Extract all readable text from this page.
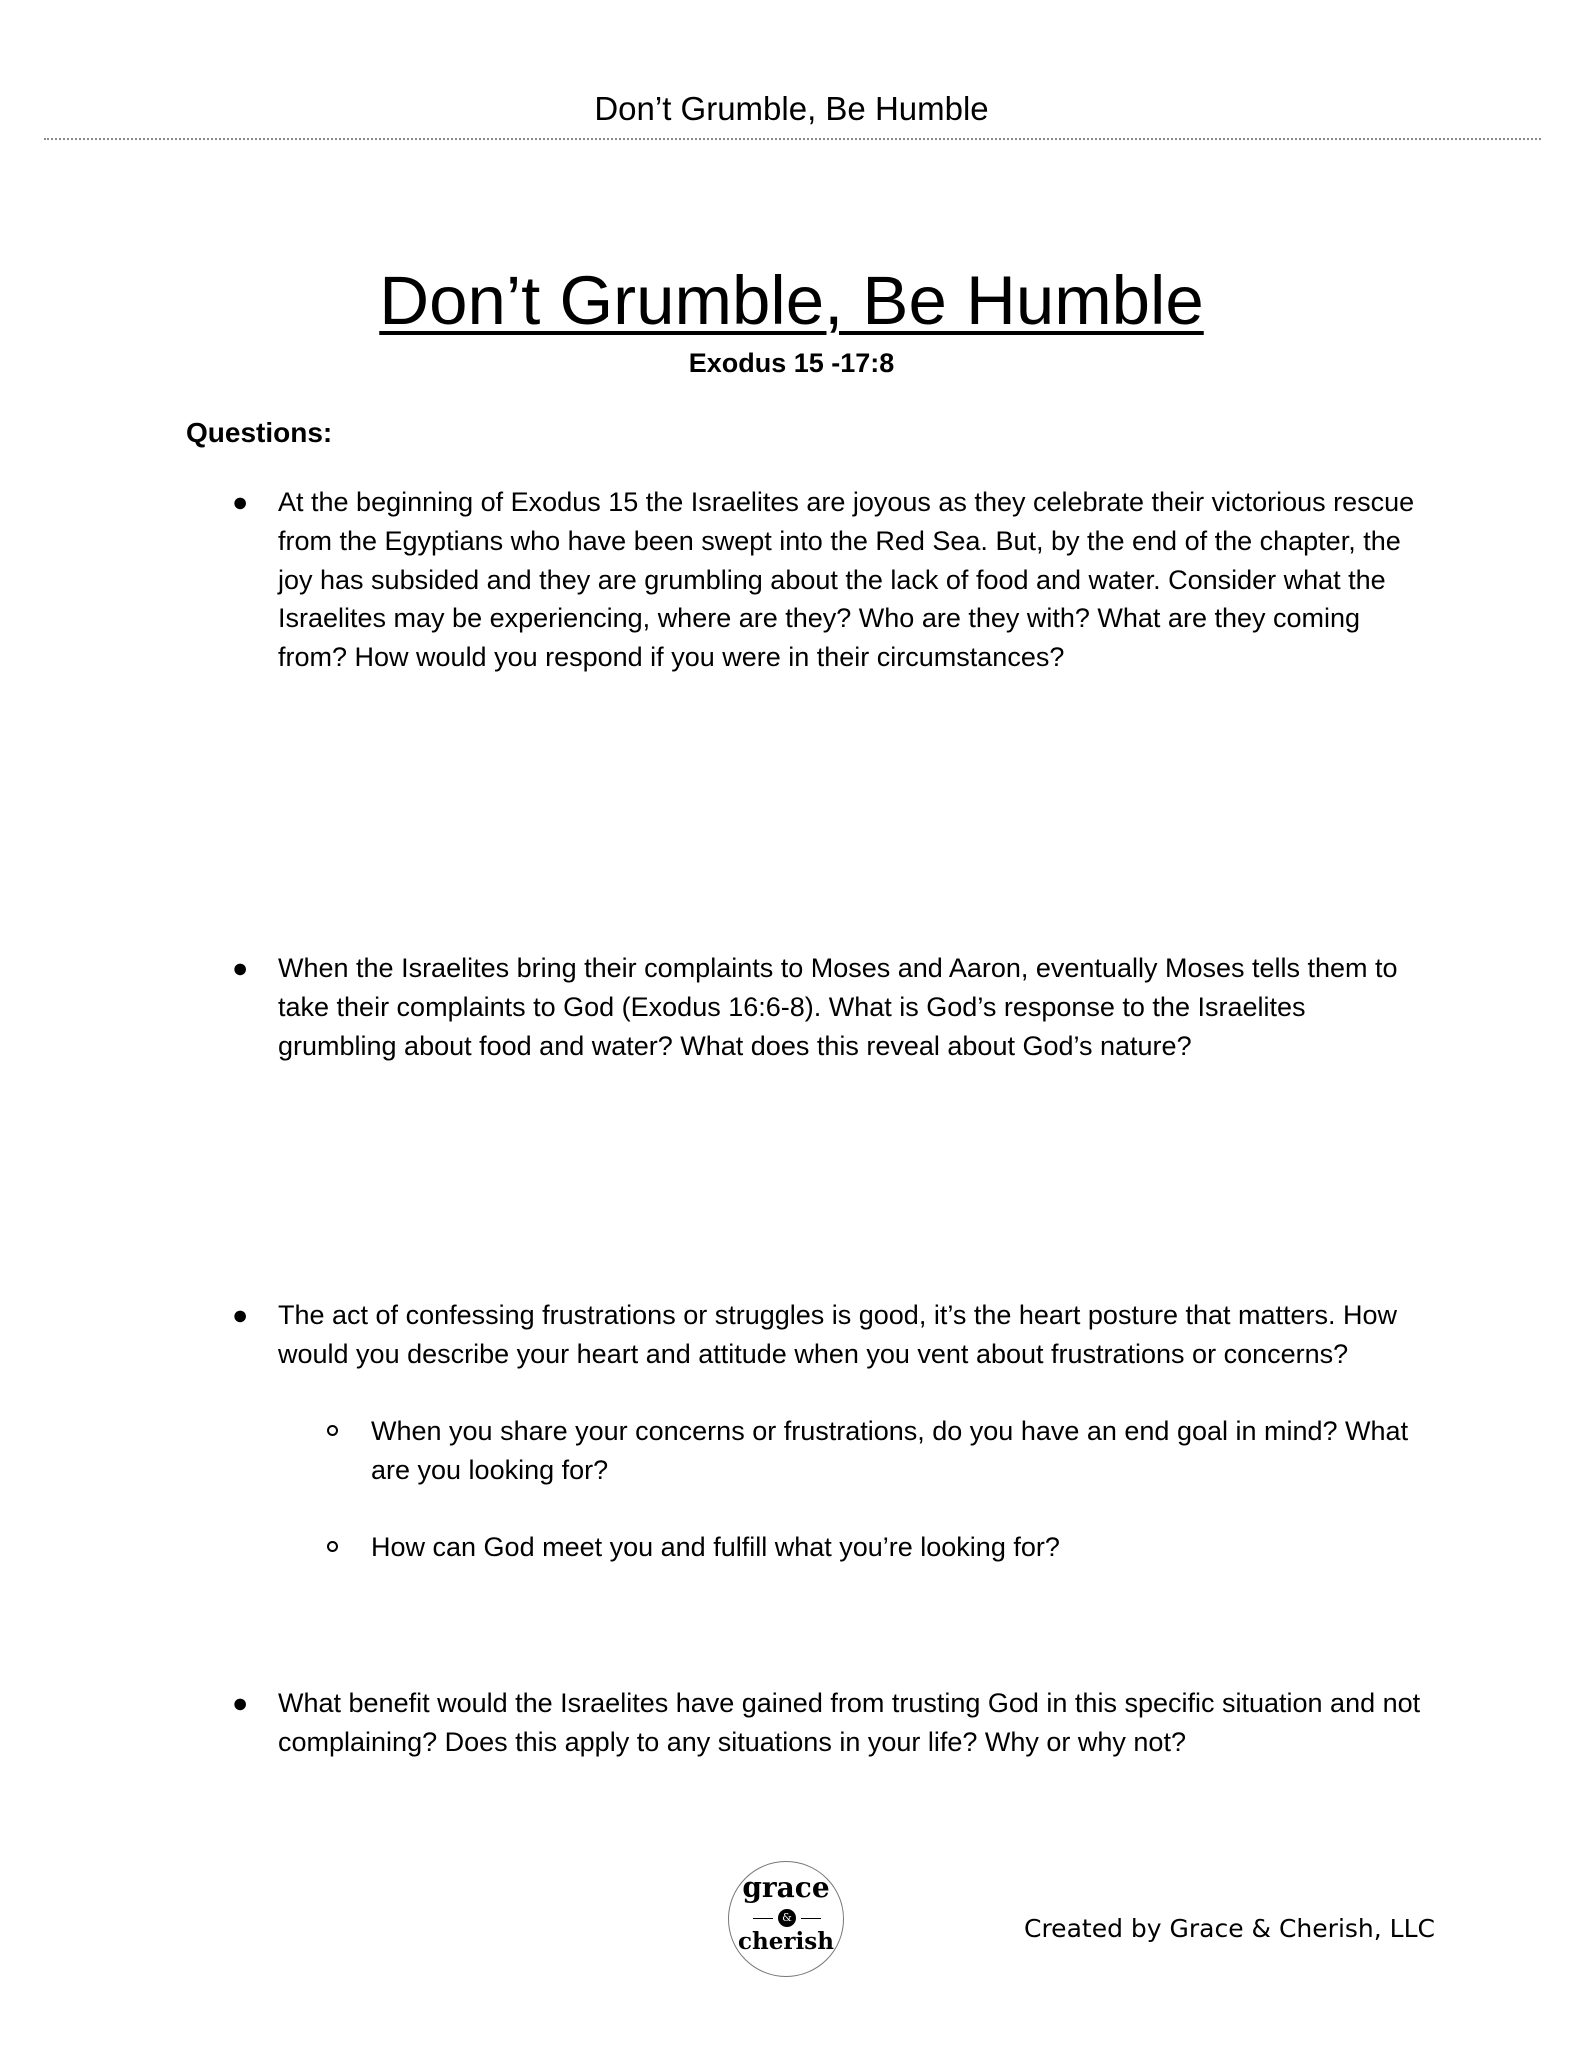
Don’t Grumble, Be Humble
Don’t Grumble, Be Humble
Exodus 15 -17:8
Questions:
● At the beginning of Exodus 15 the Israelites are joyous as they celebrate their victorious rescue from the Egyptians who have been swept into the Red Sea. But, by the end of the chapter, the joy has subsided and they are grumbling about the lack of food and water. Consider what the Israelites may be experiencing, where are they? Who are they with? What are they coming from? How would you respond if you were in their circumstances?
● When the Israelites bring their complaints to Moses and Aaron, eventually Moses tells them to take their complaints to God (Exodus 16:6-8). What is God’s response to the Israelites grumbling about food and water? What does this reveal about God’s nature?
● The act of confessing frustrations or struggles is good, it’s the heart posture that matters. How would you describe your heart and attitude when you vent about frustrations or concerns?
When you share your concerns or frustrations, do you have an end goal in mind? What are you looking for?
How can God meet you and fulfill what you’re looking for?
● What benefit would the Israelites have gained from trusting God in this specific situation and not complaining? Does this apply to any situations in your life? Why or why not?
grace
&
cherish	Created by Grace & Cherish, LLC
